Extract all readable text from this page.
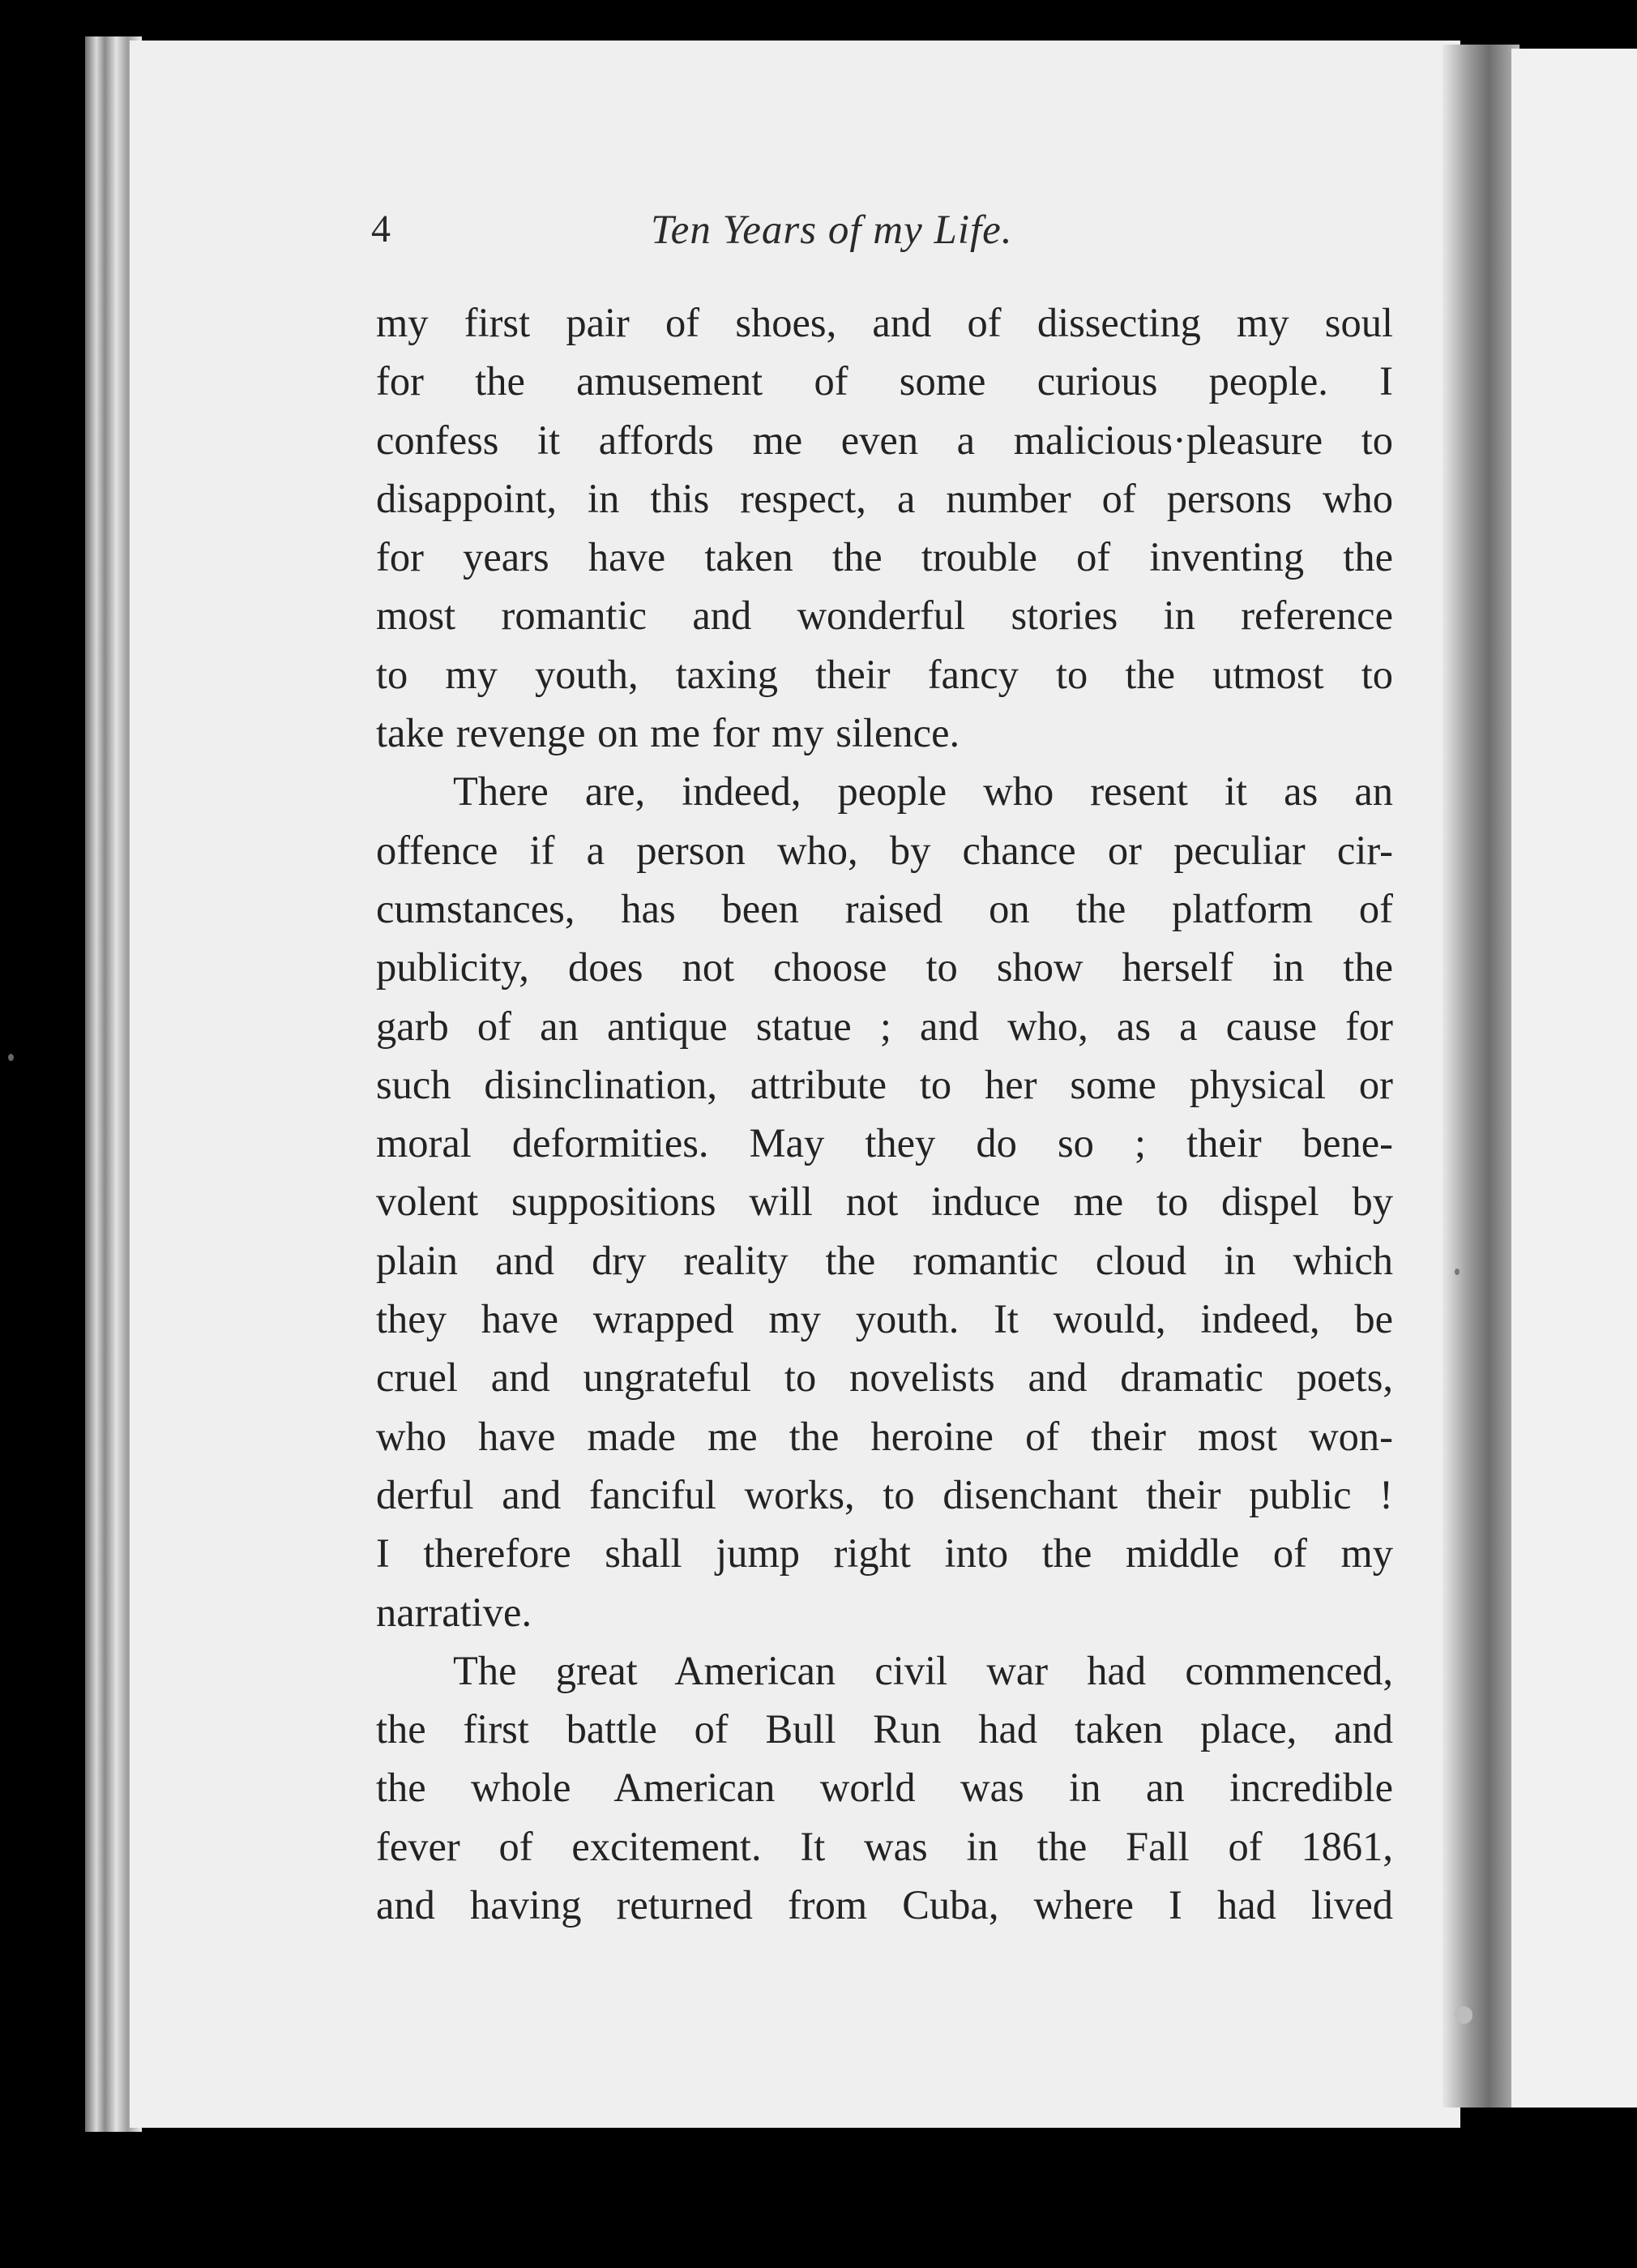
4	Ten Years of my Life.
my first pair of shoes, and of dissecting my soul
for the amusement of some curious people. I
confess it affords me even a malicious·pleasure to
disappoint, in this respect, a number of persons who
for years have taken the trouble of inventing the
most romantic and wonderful stories in reference
to my youth, taxing their fancy to the utmost to
take revenge on me for my silence.
There are, indeed, people who resent it as an
offence if a person who, by chance or peculiar cir-
cumstances, has been raised on the platform of
publicity, does not choose to show herself in the
garb of an antique statue ; and who, as a cause for
such disinclination, attribute to her some physical or
moral deformities. May they do so ; their bene-
volent suppositions will not induce me to dispel by
plain and dry reality the romantic cloud in which
they have wrapped my youth. It would, indeed, be
cruel and ungrateful to novelists and dramatic poets,
who have made me the heroine of their most won-
derful and fanciful works, to disenchant their public !
I therefore shall jump right into the middle of my
narrative.
The great American civil war had commenced,
the first battle of Bull Run had taken place, and
the whole American world was in an incredible
fever of excitement. It was in the Fall of 1861,
and having returned from Cuba, where I had lived
